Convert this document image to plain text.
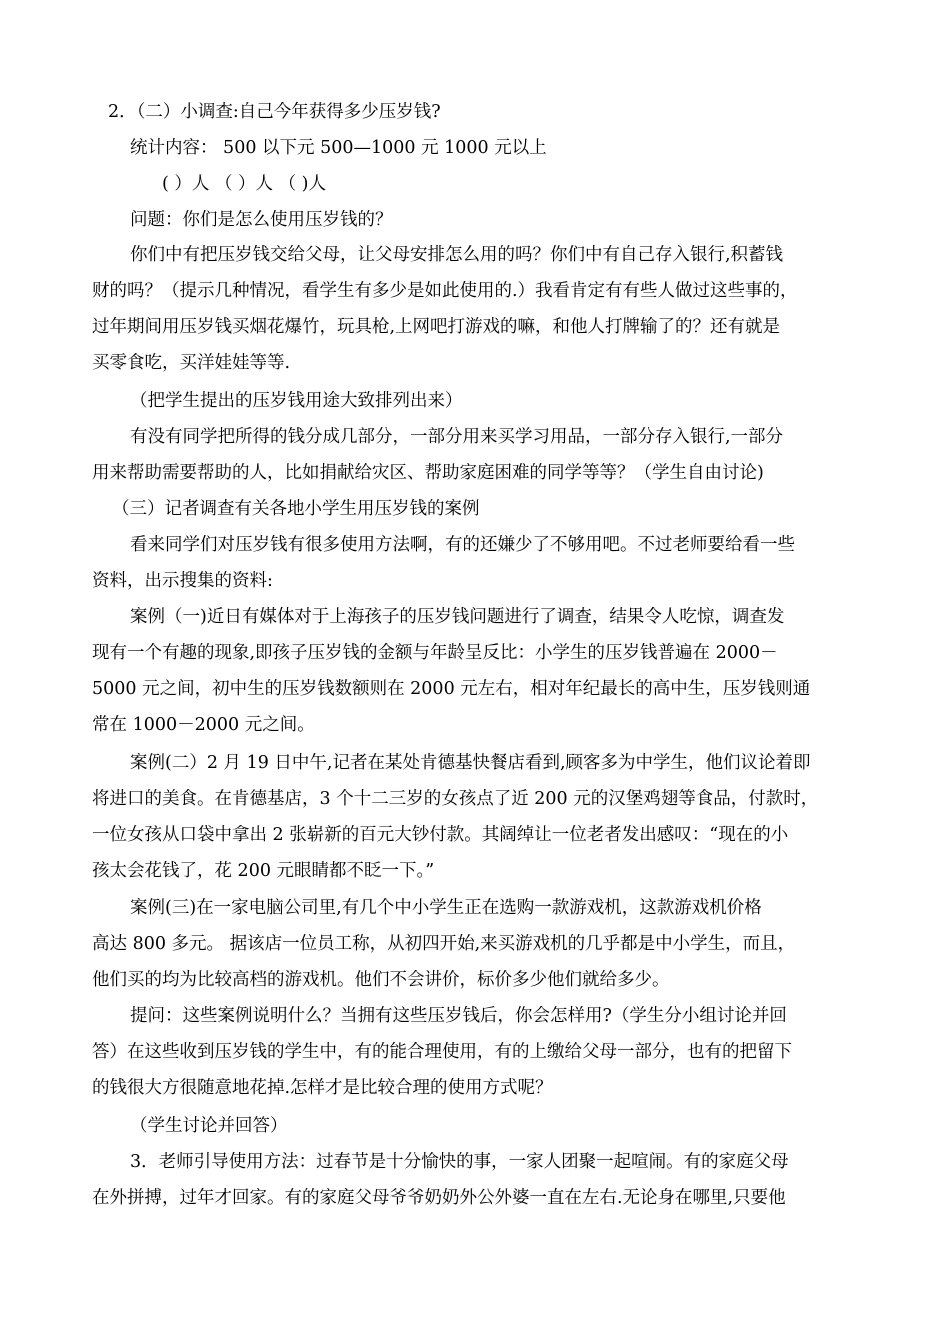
2．（二）小调查:自己今年获得多少压岁钱?
统计内容： 500 以下元 500—1000 元 1000 元以上
( ）人 （ ）人 （ )人
问题：你们是怎么使用压岁钱的？
你们中有把压岁钱交给父母，让父母安排怎么用的吗？你们中有自己存入银行,积蓄钱
财的吗？（提示几种情况，看学生有多少是如此使用的.）我看肯定有有些人做过这些事的，
过年期间用压岁钱买烟花爆竹，玩具枪,上网吧打游戏的嘛，和他人打牌输了的？还有就是
买零食吃，买洋娃娃等等.
（把学生提出的压岁钱用途大致排列出来）
有没有同学把所得的钱分成几部分，一部分用来买学习用品，一部分存入银行,一部分
用来帮助需要帮助的人，比如捐献给灾区、帮助家庭困难的同学等等？（学生自由讨论)
（三）记者调查有关各地小学生用压岁钱的案例
看来同学们对压岁钱有很多使用方法啊，有的还嫌少了不够用吧。不过老师要给看一些
资料，出示搜集的资料:
案例（一)近日有媒体对于上海孩子的压岁钱问题进行了调查，结果令人吃惊，调查发
现有一个有趣的现象,即孩子压岁钱的金额与年龄呈反比：小学生的压岁钱普遍在 2000－
5000 元之间，初中生的压岁钱数额则在 2000 元左右，相对年纪最长的高中生，压岁钱则通
常在 1000－2000 元之间。
案例(二）2 月 19 日中午,记者在某处肯德基快餐店看到,顾客多为中学生，他们议论着即
将进口的美食。在肯德基店，3 个十二三岁的女孩点了近 200 元的汉堡鸡翅等食品，付款时，
一位女孩从口袋中拿出 2 张崭新的百元大钞付款。其阔绰让一位老者发出感叹：“现在的小
孩太会花钱了，花 200 元眼睛都不眨一下。”
案例(三)在一家电脑公司里,有几个中小学生正在选购一款游戏机，这款游戏机价格
高达 800 多元。 据该店一位员工称，从初四开始,来买游戏机的几乎都是中小学生，而且，
他们买的均为比较高档的游戏机。他们不会讲价，标价多少他们就给多少。
提问：这些案例说明什么？当拥有这些压岁钱后，你会怎样用?（学生分小组讨论并回
答）在这些收到压岁钱的学生中，有的能合理使用，有的上缴给父母一部分，也有的把留下
的钱很大方很随意地花掉.怎样才是比较合理的使用方式呢？
（学生讨论并回答）
3．老师引导使用方法：过春节是十分愉快的事，一家人团聚一起喧闹。有的家庭父母
在外拼搏，过年才回家。有的家庭父母爷爷奶奶外公外婆一直在左右.无论身在哪里,只要他
